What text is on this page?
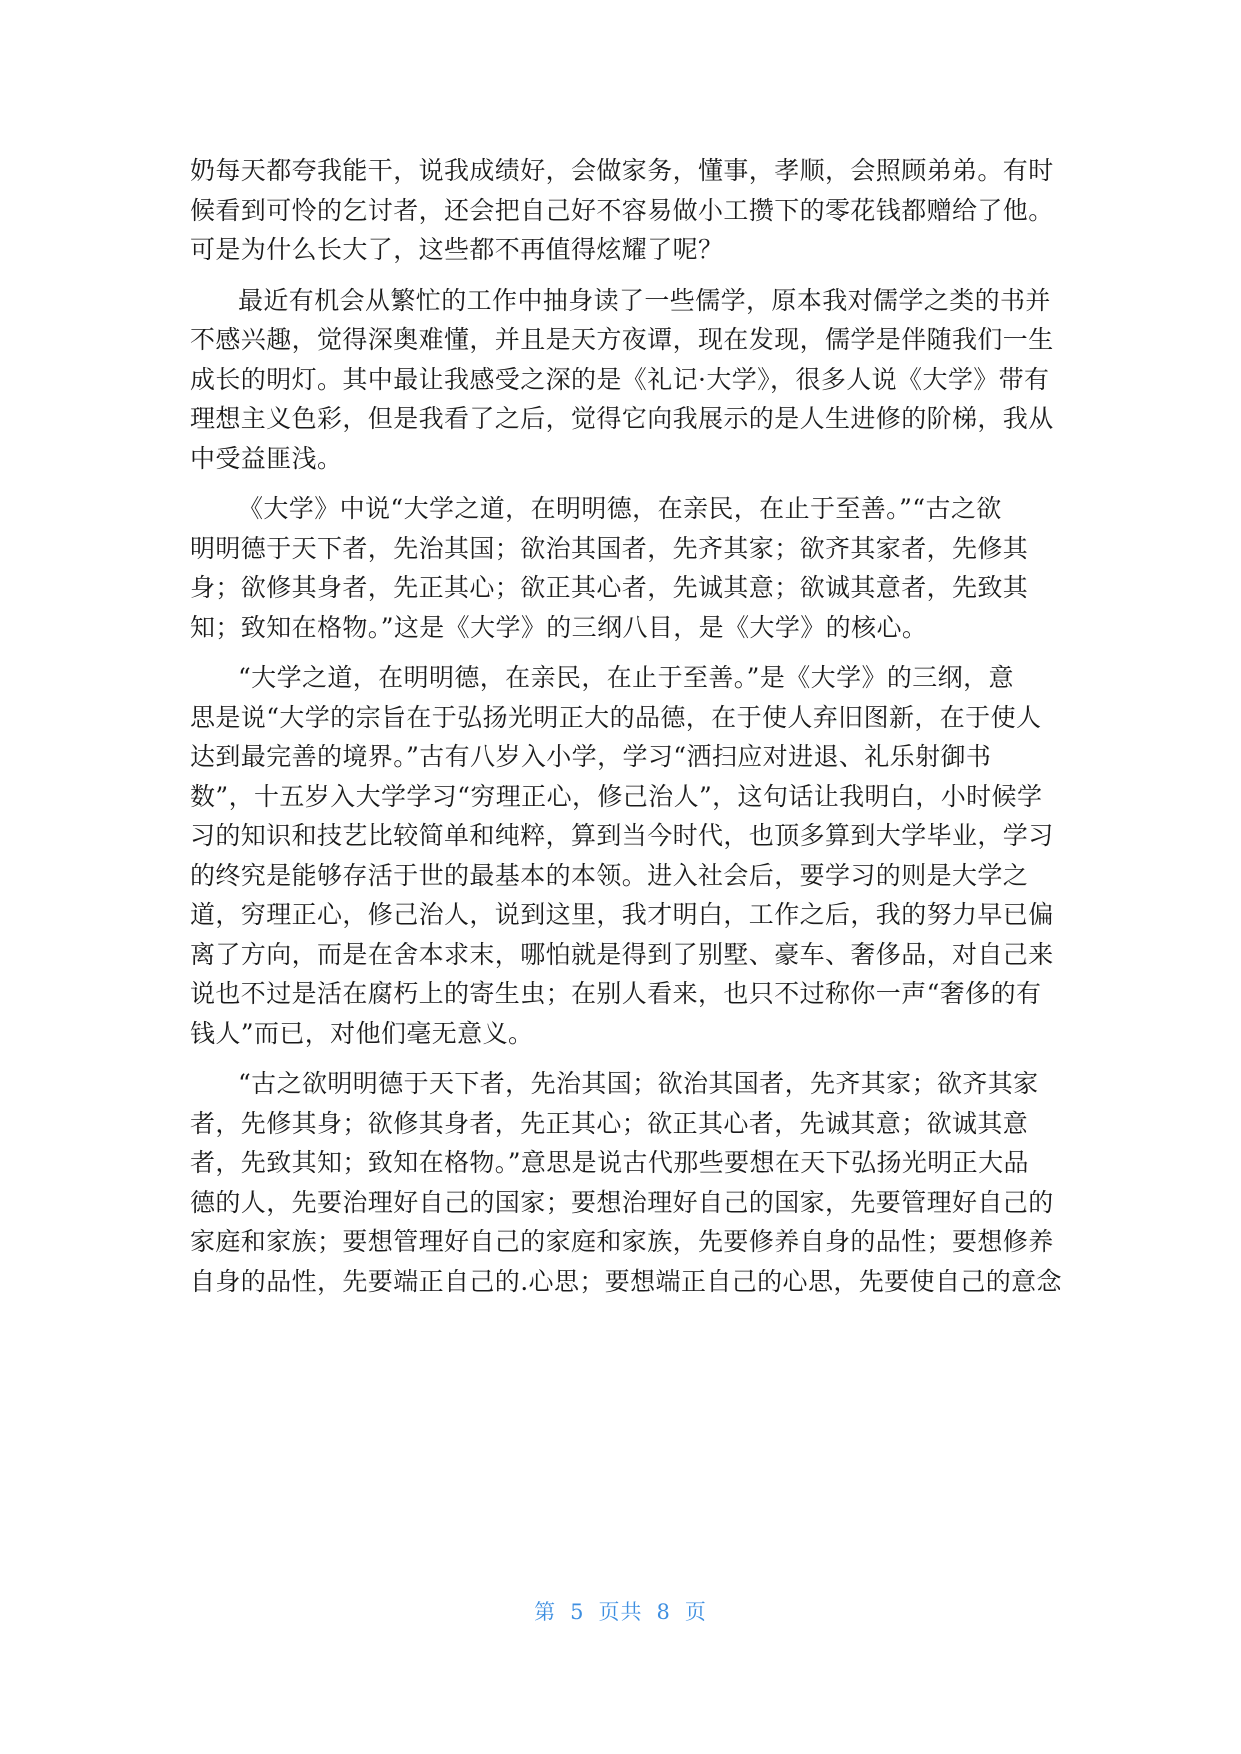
奶每天都夸我能干，说我成绩好，会做家务，懂事，孝顺，会照顾弟弟。有时
候看到可怜的乞讨者，还会把自己好不容易做小工攒下的零花钱都赠给了他。
可是为什么长大了，这些都不再值得炫耀了呢？
最近有机会从繁忙的工作中抽身读了一些儒学，原本我对儒学之类的书并
不感兴趣，觉得深奥难懂，并且是天方夜谭，现在发现，儒学是伴随我们一生
成长的明灯。其中最让我感受之深的是《礼记·大学》，很多人说《大学》带有
理想主义色彩，但是我看了之后，觉得它向我展示的是人生进修的阶梯，我从
中受益匪浅。
《大学》中说“大学之道，在明明德，在亲民，在止于至善。”“古之欲
明明德于天下者，先治其国；欲治其国者，先齐其家；欲齐其家者，先修其
身；欲修其身者，先正其心；欲正其心者，先诚其意；欲诚其意者，先致其
知；致知在格物。”这是《大学》的三纲八目，是《大学》的核心。
“大学之道，在明明德，在亲民，在止于至善。”是《大学》的三纲，意
思是说“大学的宗旨在于弘扬光明正大的品德，在于使人弃旧图新，在于使人
达到最完善的境界。”古有八岁入小学，学习“洒扫应对进退、礼乐射御书
数”，十五岁入大学学习“穷理正心，修己治人”，这句话让我明白，小时候学
习的知识和技艺比较简单和纯粹，算到当今时代，也顶多算到大学毕业，学习
的终究是能够存活于世的最基本的本领。进入社会后，要学习的则是大学之
道，穷理正心，修己治人，说到这里，我才明白，工作之后，我的努力早已偏
离了方向，而是在舍本求末，哪怕就是得到了别墅、豪车、奢侈品，对自己来
说也不过是活在腐朽上的寄生虫；在别人看来，也只不过称你一声“奢侈的有
钱人”而已，对他们毫无意义。
“古之欲明明德于天下者，先治其国；欲治其国者，先齐其家；欲齐其家
者，先修其身；欲修其身者，先正其心；欲正其心者，先诚其意；欲诚其意
者，先致其知；致知在格物。”意思是说古代那些要想在天下弘扬光明正大品
德的人，先要治理好自己的国家；要想治理好自己的国家，先要管理好自己的
家庭和家族；要想管理好自己的家庭和家族，先要修养自身的品性；要想修养
自身的品性，先要端正自己的.心思；要想端正自己的心思，先要使自己的意念
第 5 页共 8 页
